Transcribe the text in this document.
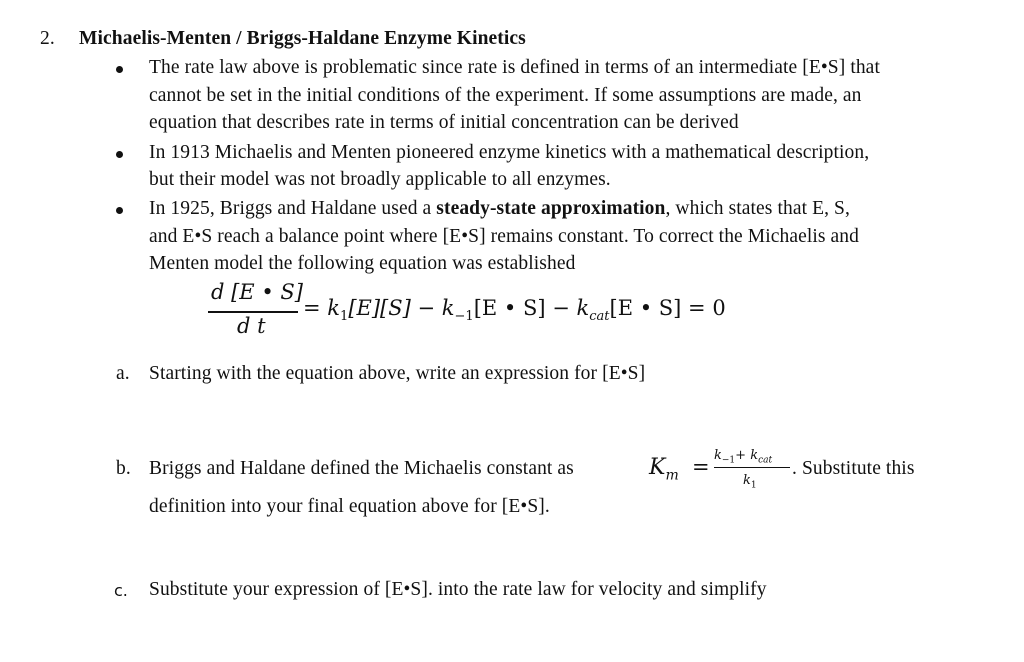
2. Michaelis-Menten / Briggs-Haldane Enzyme Kinetics
The rate law above is problematic since rate is defined in terms of an intermediate [E•S] that
cannot be set in the initial conditions of the experiment. If some assumptions are made, an
equation that describes rate in terms of initial concentration can be derived
In 1913 Michaelis and Menten pioneered enzyme kinetics with a mathematical description,
but their model was not broadly applicable to all enzymes.
In 1925, Briggs and Haldane used a steady-state approximation, which states that E, S,
and E•S reach a balance point where [E•S] remains constant. To correct the Michaelis and
Menten model the following equation was established
d [E • S]
d t
= $k_1[E][S] - k_{-1}[E$ • $S] - k_{cat}[E$ • S] = 0
a. Starting with the equation above, write an expression for [E•S]
b. Briggs and Haldane defined the Michaelis constant as	$K_m = k_{-1}+ k_{cat}$
$k_1$
. Substitute this
definition into your final equation above for [E•S].
c. Substitute your expression of [E•S]. into the rate law for velocity and simplify
